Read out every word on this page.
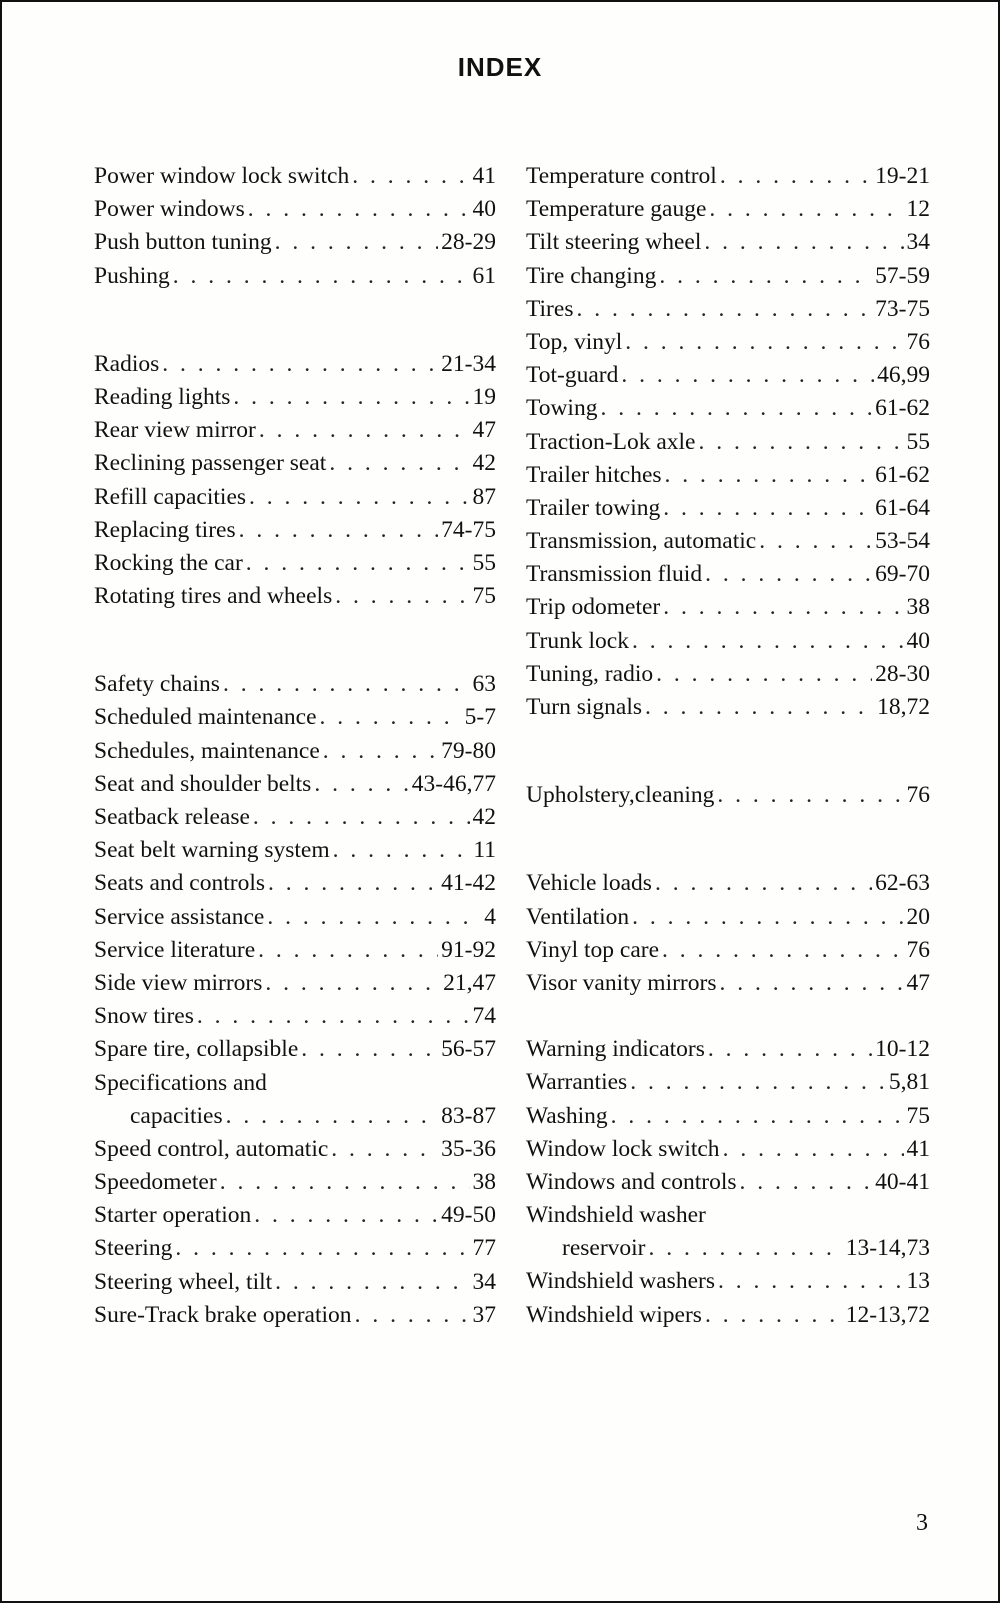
INDEX
Power window lock switch . . .	41
Power windows . . .	40
Push button tuning . . .	28-29
Pushing . . .	61
Radios . . .	21-34
Reading lights . . .	19
Rear view mirror . . .	47
Reclining passenger seat . . .	42
Refill capacities . . .	87
Replacing tires . . .	74-75
Rocking the car . . .	55
Rotating tires and wheels . . .	75
Safety chains . . .	63
Scheduled maintenance . . .	5-7
Schedules, maintenance . . .	79-80
Seat and shoulder belts . . .	43-46,77
Seatback release . . .	42
Seat belt warning system . . .	11
Seats and controls . . .	41-42
Service assistance . . .	4
Service literature . . .	91-92
Side view mirrors . . .	21,47
Snow tires . . .	74
Spare tire, collapsible . . .	56-57
Specifications and
capacities . . .	83-87
Speed control, automatic . . .	35-36
Speedometer . . .	38
Starter operation . . .	49-50
Steering . . .	77
Steering wheel, tilt . . .	34
Sure-Track brake operation . . .	37
Temperature control . . .	19-21
Temperature gauge . . .	12
Tilt steering wheel . . .	34
Tire changing . . .	57-59
Tires . . .	73-75
Top, vinyl . . .	76
Tot-guard . . .	46,99
Towing . . .	61-62
Traction-Lok axle . . .	55
Trailer hitches . . .	61-62
Trailer towing . . .	61-64
Transmission, automatic . . .	53-54
Transmission fluid . . .	69-70
Trip odometer . . .	38
Trunk lock . . .	40
Tuning, radio . . .	28-30
Turn signals . . .	18,72
Upholstery,cleaning . . .	76
Vehicle loads . . .	62-63
Ventilation . . .	20
Vinyl top care . . .	76
Visor vanity mirrors . . .	47
Warning indicators . . .	10-12
Warranties . . .	5,81
Washing . . .	75
Window lock switch . . .	41
Windows and controls . . .	40-41
Windshield washer
reservoir . . .	13-14,73
Windshield washers . . .	13
Windshield wipers . . .	12-13,72
3
